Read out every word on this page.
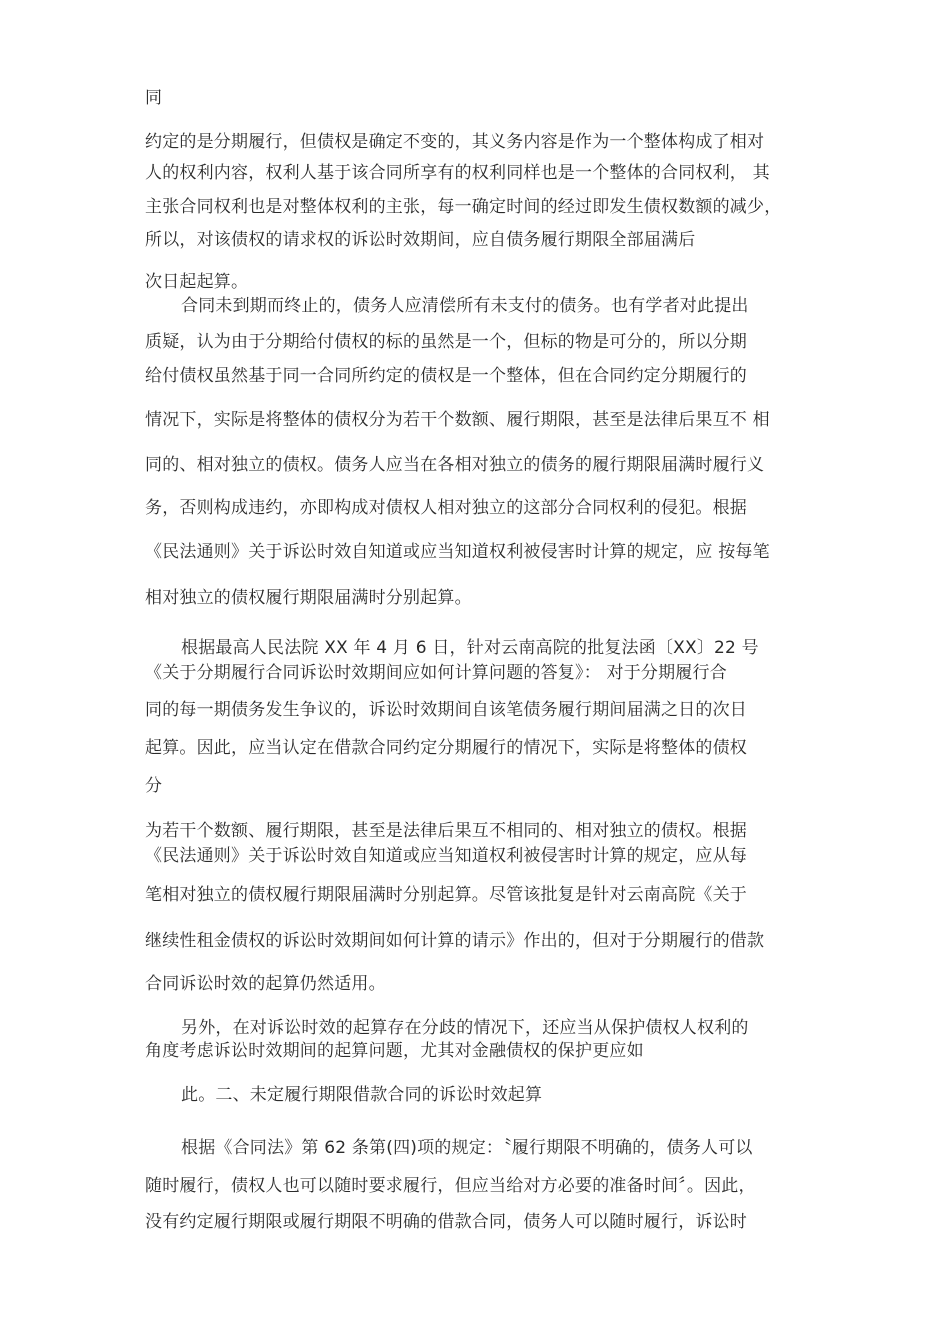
同
约定的是分期履行，但债权是确定不变的，其义务内容是作为一个整体构成了相对
人的权利内容，权利人基于该合同所享有的权利同样也是一个整体的合同权利， 其
主张合同权利也是对整体权利的主张，每一确定时间的经过即发生债权数额的减少，
所以，对该债权的请求权的诉讼时效期间，应自债务履行期限全部届满后
次日起起算。
合同未到期而终止的，债务人应清偿所有未支付的债务。也有学者对此提出
质疑，认为由于分期给付债权的标的虽然是一个，但标的物是可分的，所以分期
给付债权虽然基于同一合同所约定的债权是一个整体，但在合同约定分期履行的
情况下，实际是将整体的债权分为若干个数额、履行期限，甚至是法律后果互不 相
同的、相对独立的债权。债务人应当在各相对独立的债务的履行期限届满时履行义
务，否则构成违约，亦即构成对债权人相对独立的这部分合同权利的侵犯。根据
《民法通则》关于诉讼时效自知道或应当知道权利被侵害时计算的规定，应 按每笔
相对独立的债权履行期限届满时分别起算。
根据最高人民法院 XX 年 4 月 6 日，针对云南高院的批复法函〔XX〕22 号
《关于分期履行合同诉讼时效期间应如何计算问题的答复》： 对于分期履行合
同的每一期债务发生争议的，诉讼时效期间自该笔债务履行期间届满之日的次日
起算。因此，应当认定在借款合同约定分期履行的情况下，实际是将整体的债权
分
为若干个数额、履行期限，甚至是法律后果互不相同的、相对独立的债权。根据
《民法通则》关于诉讼时效自知道或应当知道权利被侵害时计算的规定，应从每
笔相对独立的债权履行期限届满时分别起算。尽管该批复是针对云南高院《关于
继续性租金债权的诉讼时效期间如何计算的请示》作出的，但对于分期履行的借款
合同诉讼时效的起算仍然适用。
另外，在对诉讼时效的起算存在分歧的情况下，还应当从保护债权人权利的
角度考虑诉讼时效期间的起算问题，尤其对金融债权的保护更应如
此。二、未定履行期限借款合同的诉讼时效起算
根据《合同法》第 62 条第(四)项的规定：〝履行期限不明确的，债务人可以
随时履行，债权人也可以随时要求履行，但应当给对方必要的准备时间〞。因此，
没有约定履行期限或履行期限不明确的借款合同，债务人可以随时履行，诉讼时
